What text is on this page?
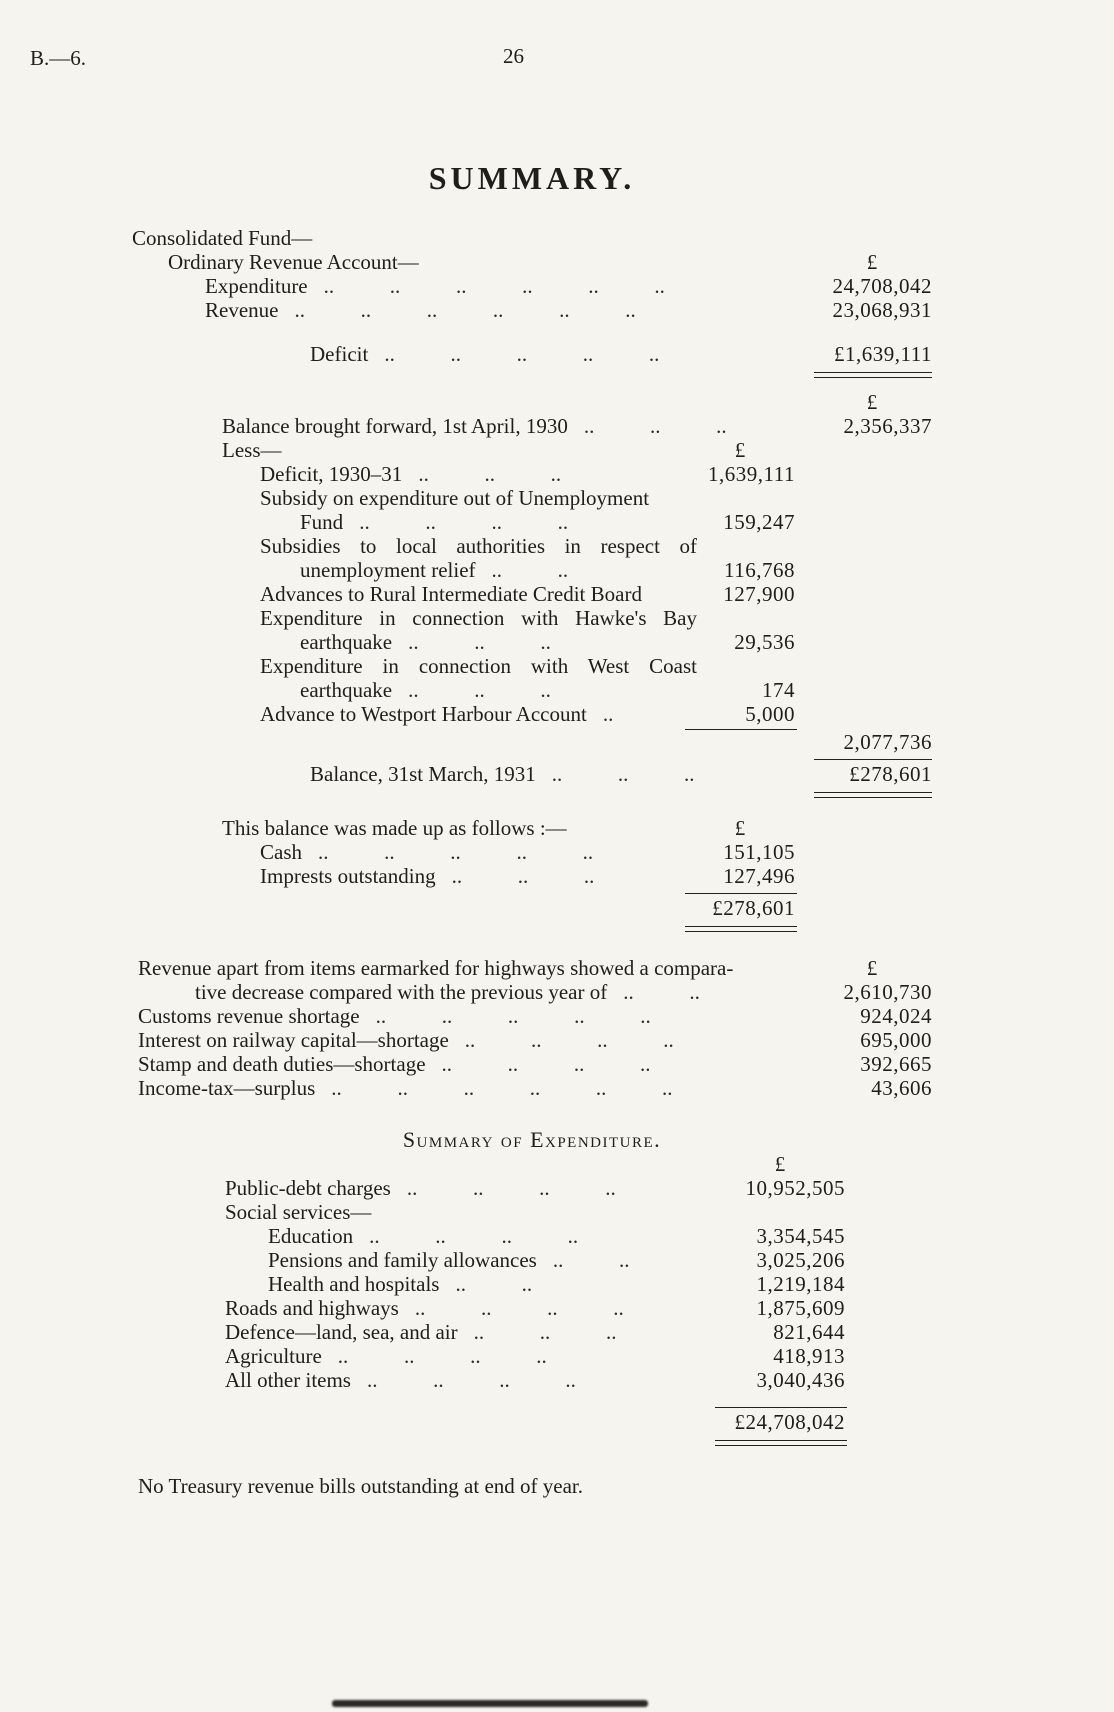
B.—6.	26
SUMMARY.
Consolidated Fund—
Ordinary Revenue Account—	£
Expenditure .. .. .. .. .. ..	24,708,042
Revenue .. .. .. .. .. ..	23,068,931
Deficit .. .. .. .. ..	£1,639,111
£
Balance brought forward, 1st April, 1930 .. .. ..	2,356,337
Less—	£
Deficit, 1930–31 .. .. ..	1,639,111
Subsidy on expenditure out of Unemployment
Fund .. .. .. ..	159,247
Subsidies to local authorities in respect of
unemployment relief .. ..	116,768
Advances to Rural Intermediate Credit Board	127,900
Expenditure in connection with Hawke's Bay
earthquake .. .. ..	29,536
Expenditure in connection with West Coast
earthquake .. .. ..	174
Advance to Westport Harbour Account ..	5,000
2,077,736
Balance, 31st March, 1931 .. .. ..	£278,601
This balance was made up as follows :—	£
Cash .. .. .. .. ..	151,105
Imprests outstanding .. .. ..	127,496
£278,601
Revenue apart from items earmarked for highways showed a compara-	£
tive decrease compared with the previous year of .. ..	2,610,730
Customs revenue shortage .. .. .. .. ..	924,024
Interest on railway capital—shortage .. .. .. ..	695,000
Stamp and death duties—shortage .. .. .. ..	392,665
Income-tax—surplus .. .. .. .. .. ..	43,606
Summary of Expenditure.
£
Public-debt charges .. .. .. ..	10,952,505
Social services—
Education .. .. .. ..	3,354,545
Pensions and family allowances .. ..	3,025,206
Health and hospitals .. ..	1,219,184
Roads and highways .. .. .. ..	1,875,609
Defence—land, sea, and air .. .. ..	821,644
Agriculture .. .. .. ..	418,913
All other items .. .. .. ..	3,040,436
£24,708,042
No Treasury revenue bills outstanding at end of year.
